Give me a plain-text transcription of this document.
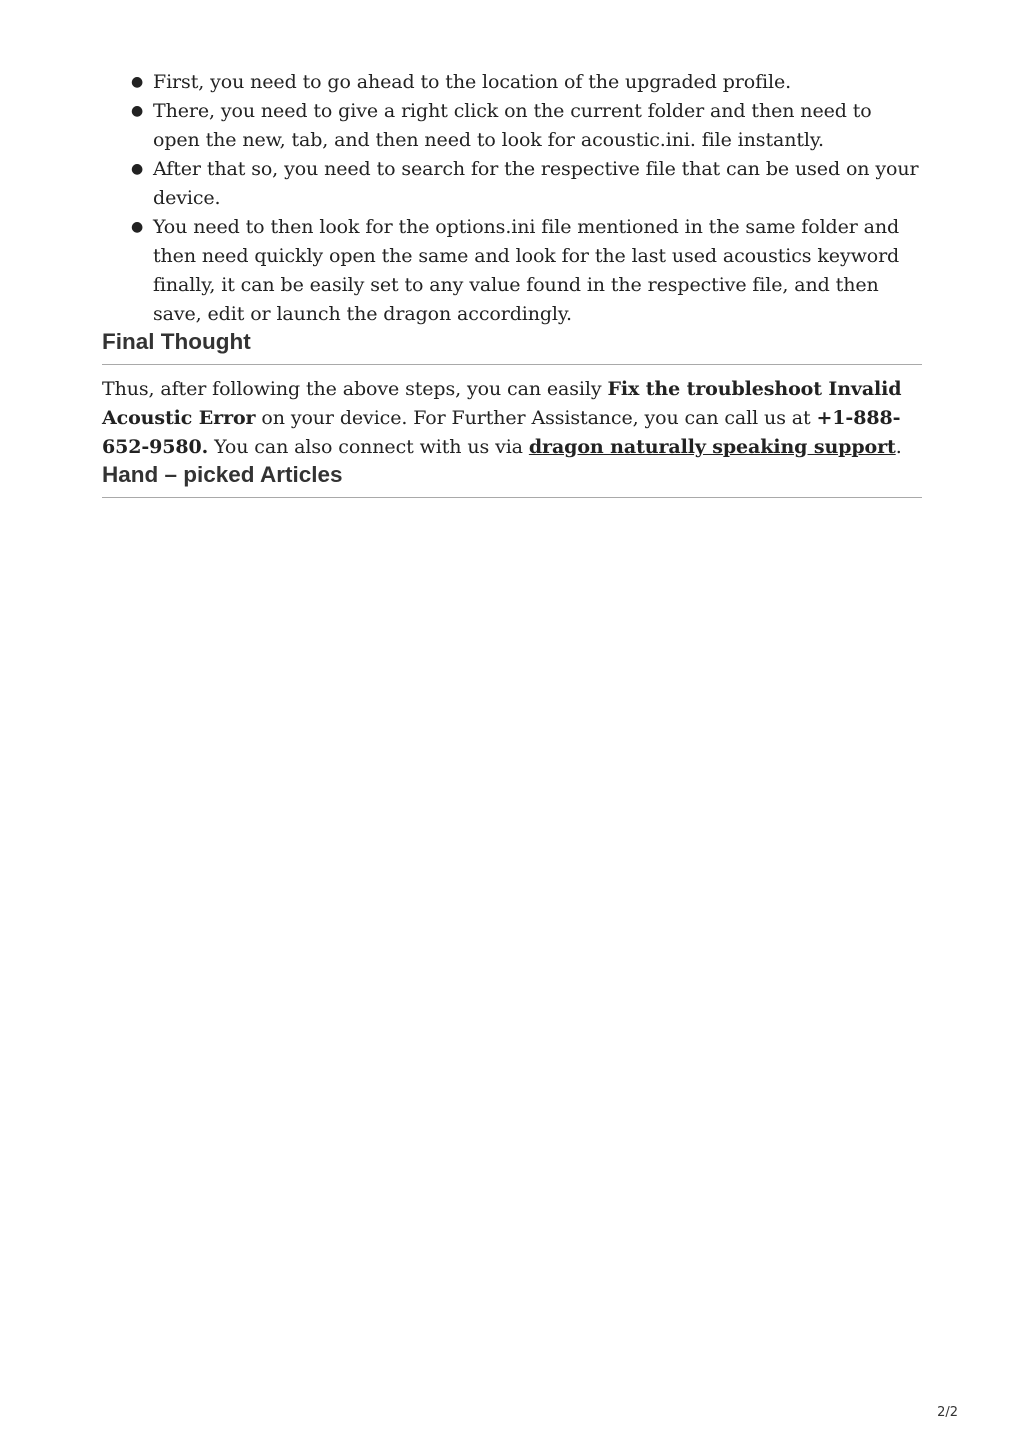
● First, you need to go ahead to the location of the upgraded profile.
● There, you need to give a right click on the current folder and then need to open the new, tab, and then need to look for acoustic.ini. file instantly.
● After that so, you need to search for the respective file that can be used on your device.
● You need to then look for the options.ini file mentioned in the same folder and then need quickly open the same and look for the last used acoustics keyword finally, it can be easily set to any value found in the respective file, and then save, edit or launch the dragon accordingly.
Final Thought

Thus, after following the above steps, you can easily Fix the troubleshoot Invalid Acoustic Error on your device. For Further Assistance, you can call us at +1-888-652-9580. You can also connect with us via dragon naturally speaking support.

Hand – picked Articles
2/2
